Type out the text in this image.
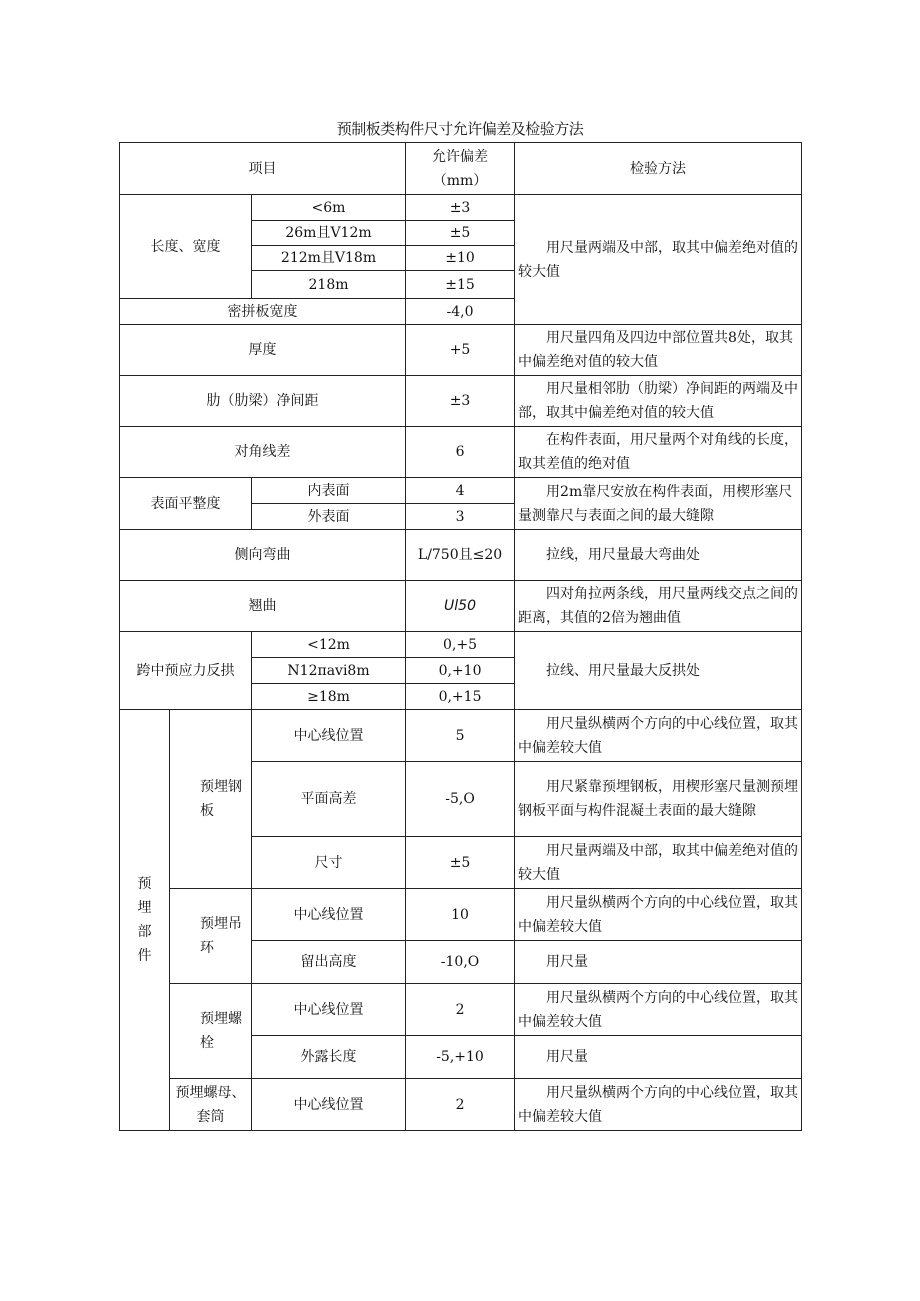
预制板类构件尺寸允许偏差及检验方法
项目			允许偏差（mm）	检验方法
长度、宽度		<6m	±3	用尺量两端及中部，取其中偏差绝对值的较大值
		26m且V12m	±5	
		212m且V18m	±10	
		218m	±15	
密拼板宽度			-4,0	
厚度			+5	用尺量四角及四边中部位置共8处，取其中偏差绝对值的较大值
肋（肋梁）净间距			±3	用尺量相邻肋（肋梁）净间距的两端及中部，取其中偏差绝对值的较大值
对角线差			6	在构件表面，用尺量两个对角线的长度，取其差值的绝对值
表面平整度		内表面	4	用2m靠尺安放在构件表面，用楔形塞尺量测靠尺与表面之间的最大缝隙
		外表面	3	
侧向弯曲			L/750且≤20	拉线，用尺量最大弯曲处
翘曲			Ul50	四对角拉两条线，用尺量两线交点之间的距离，其值的2倍为翘曲值
跨中预应力反拱		<12m	0,+5	拉线、用尺量最大反拱处
		N12πavi8m	0,+10	
		≥18m	0,+15	

预埋部件	预埋钢板	中心线位置	5	用尺量纵横两个方向的中心线位置，取其中偏差较大值
		平面高差	-5,O	用尺紧靠预埋钢板，用楔形塞尺量测预埋钢板平面与构件混凝土表面的最大缝隙
		尺寸	±5	用尺量两端及中部，取其中偏差绝对值的较大值
	预埋吊环	中心线位置	10	用尺量纵横两个方向的中心线位置，取其中偏差较大值
		留出高度	-10,O	用尺量
	预埋螺栓	中心线位置	2	用尺量纵横两个方向的中心线位置，取其中偏差较大值
		外露长度	-5,+10	用尺量
	预埋螺母、套筒	中心线位置	2	用尺量纵横两个方向的中心线位置，取其中偏差较大值
